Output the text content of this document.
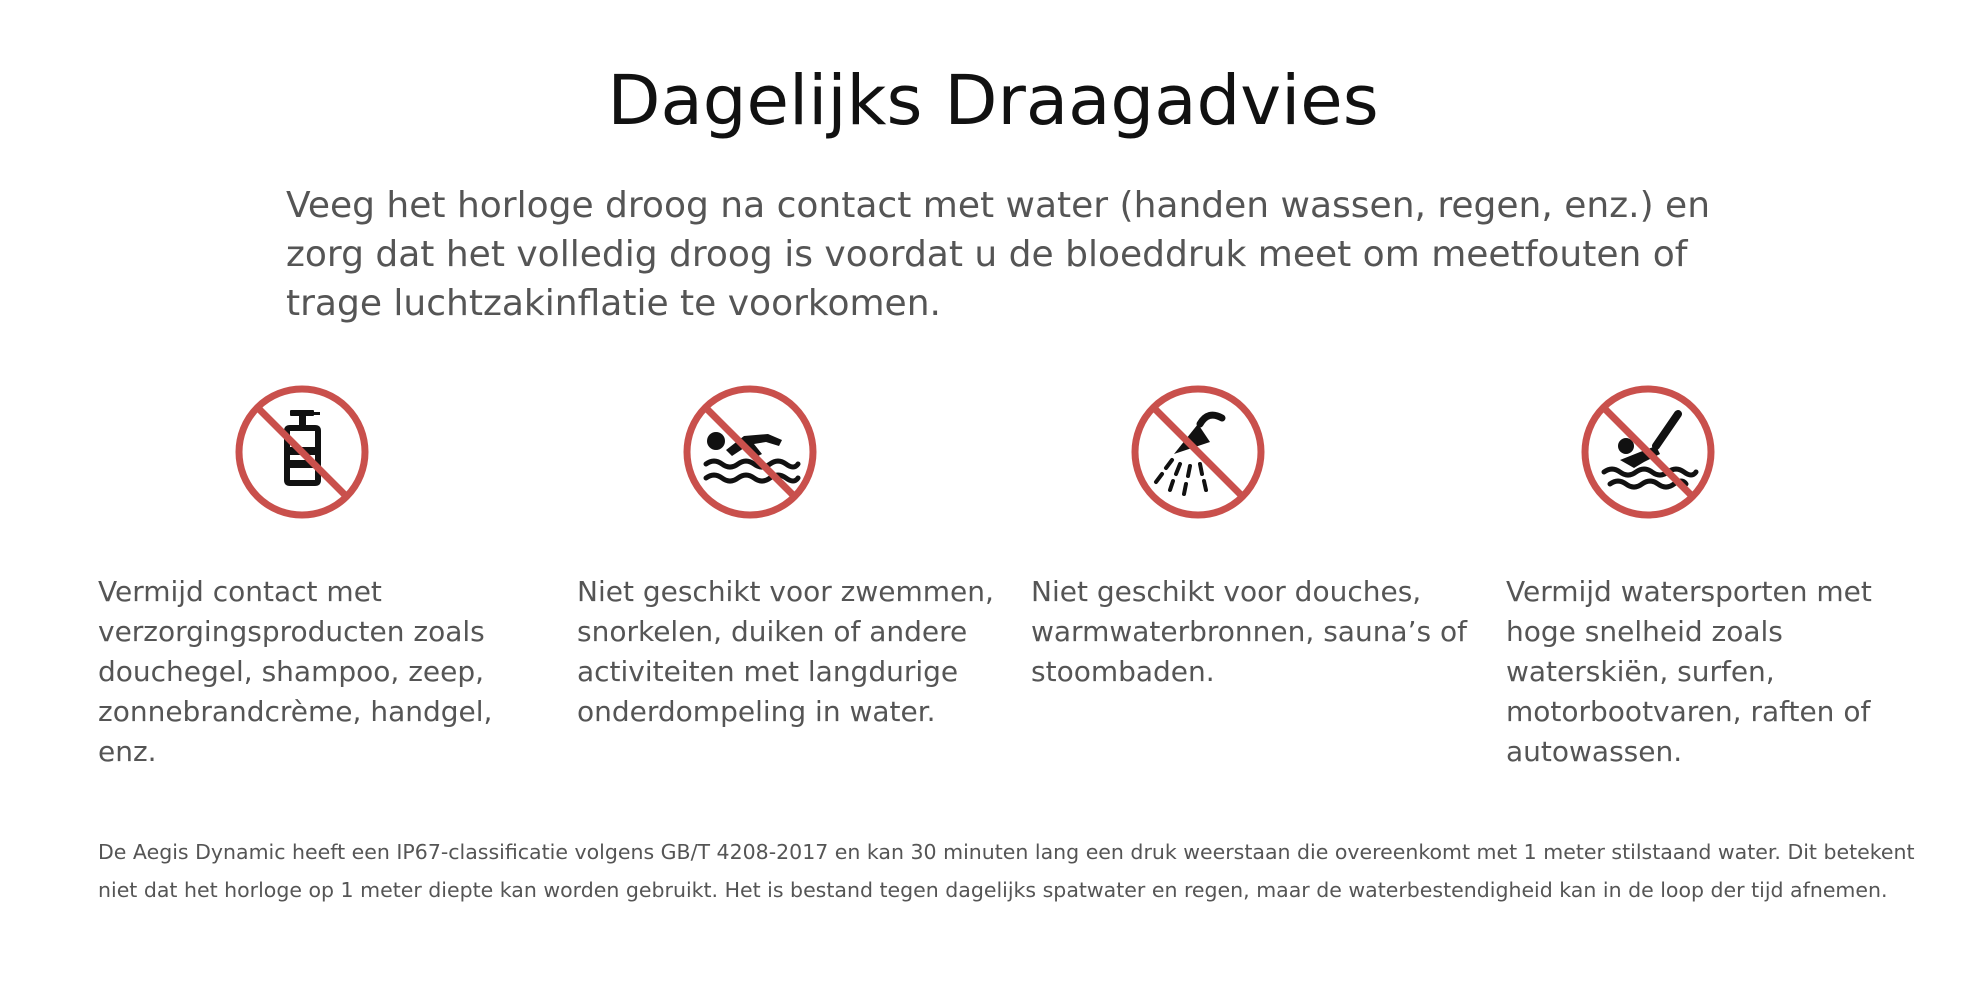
Dagelijks Draagadvies

Veeg het horloge droog na contact met water (handen wassen, regen, enz.) en zorg dat het volledig droog is voordat u de bloeddruk meet om meetfouten of trage luchtzakinflatie te voorkomen.

Vermijd contact met verzorgingsproducten zoals douchegel, shampoo, zeep, zonnebrandcrème, handgel, enz.

Niet geschikt voor zwemmen, snorkelen, duiken of andere activiteiten met langdurige onderdompeling in water.

Niet geschikt voor douches, warmwaterbronnen, sauna’s of stoombaden.

Vermijd watersporten met hoge snelheid zoals waterskiën, surfen, motorbootvaren, raften of autowassen.

De Aegis Dynamic heeft een IP67-classificatie volgens GB/T 4208-2017 en kan 30 minuten lang een druk weerstaan die overeenkomt met 1 meter stilstaand water. Dit betekent niet dat het horloge op 1 meter diepte kan worden gebruikt. Het is bestand tegen dagelijks spatwater en regen, maar de waterbestendigheid kan in de loop der tijd afnemen.
